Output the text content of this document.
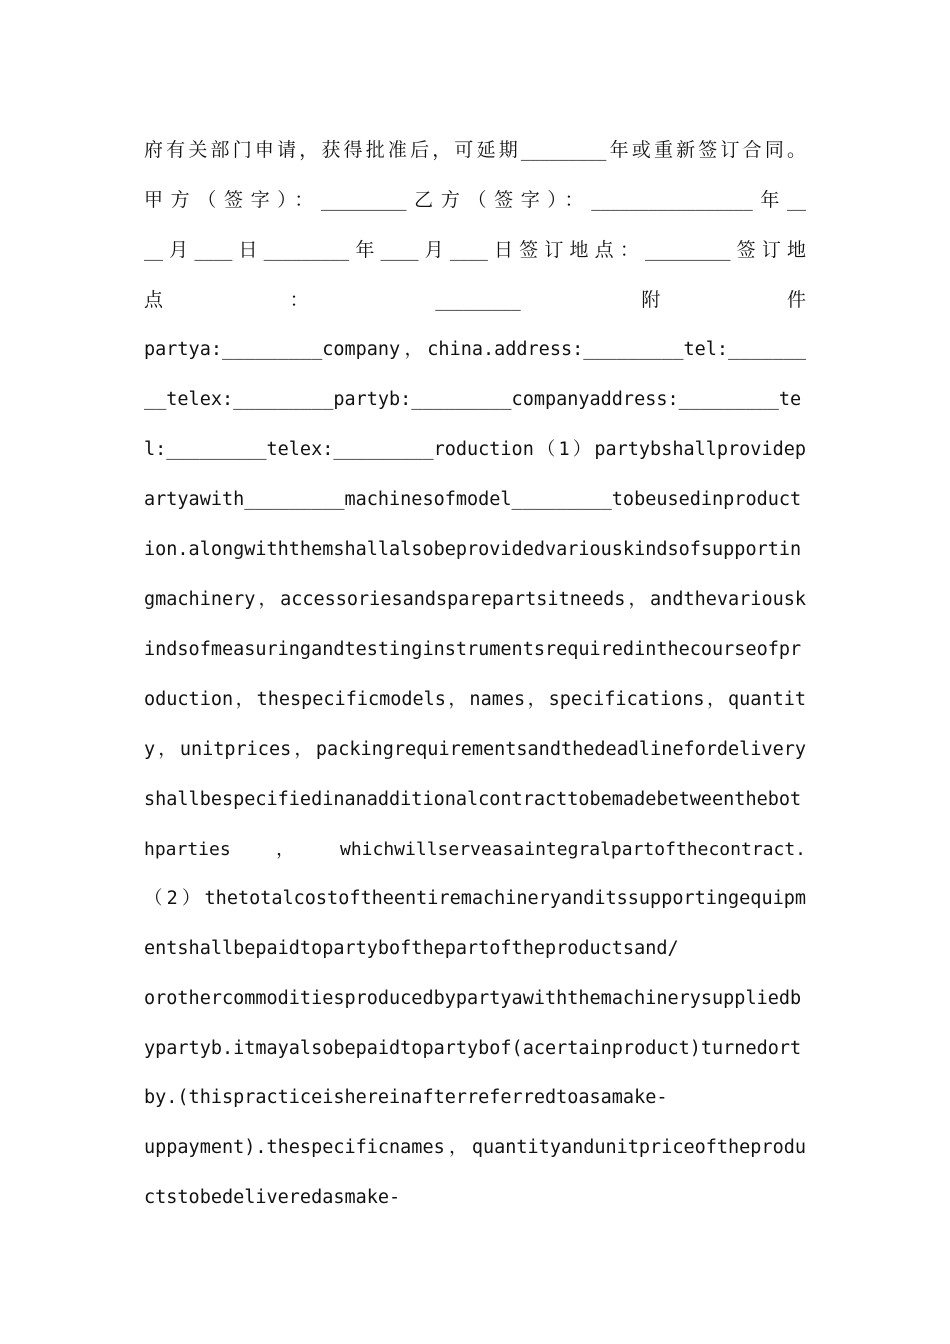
府有关部门申请，获得批准后，可延期_________年或重新签订合同。
甲方（签字）：_________乙方（签字）：_________________年__
__月____日_________年____月____日签订地点：_________签订地
点          ：          _________          附          件
partya:_________company，china.address:_________tel:_______
__telex:_________partyb:_________companyaddress:_________te
l:_________telex:_________roduction（1）partybshallprovidep
artyawith_________machinesofmodel_________tobeusedinproduct
ion.alongwiththemshallalsobeprovidedvariouskindsofsupportin
gmachinery，accessoriesandsparepartsitneeds，andthevariousk
indsofmeasuringandtestinginstrumentsrequiredinthecourseofpr
oduction，thespecificmodels，names，specifications，quantit
y，unitprices，packingrequirementsandthedeadlinefordelivery
shallbespecifiedinanadditionalcontracttobemadebetweenthebot
hparties    ，    whichwillserveasaintegralpartofthecontract.
（2）thetotalcostoftheentiremachineryanditssupportingequipm
entshallbepaidtopartybofthepartoftheproductsand/
orothercommoditiesproducedbypartyawiththemachinerysuppliedb
ypartyb.itmayalsobepaidtopartybof(acertainproduct)turnedort
by.(thispracticeishereinafterreferredtoasamake-
uppayment).thespecificnames，quantityandunitpriceoftheprodu
ctstobedeliveredasmake-
